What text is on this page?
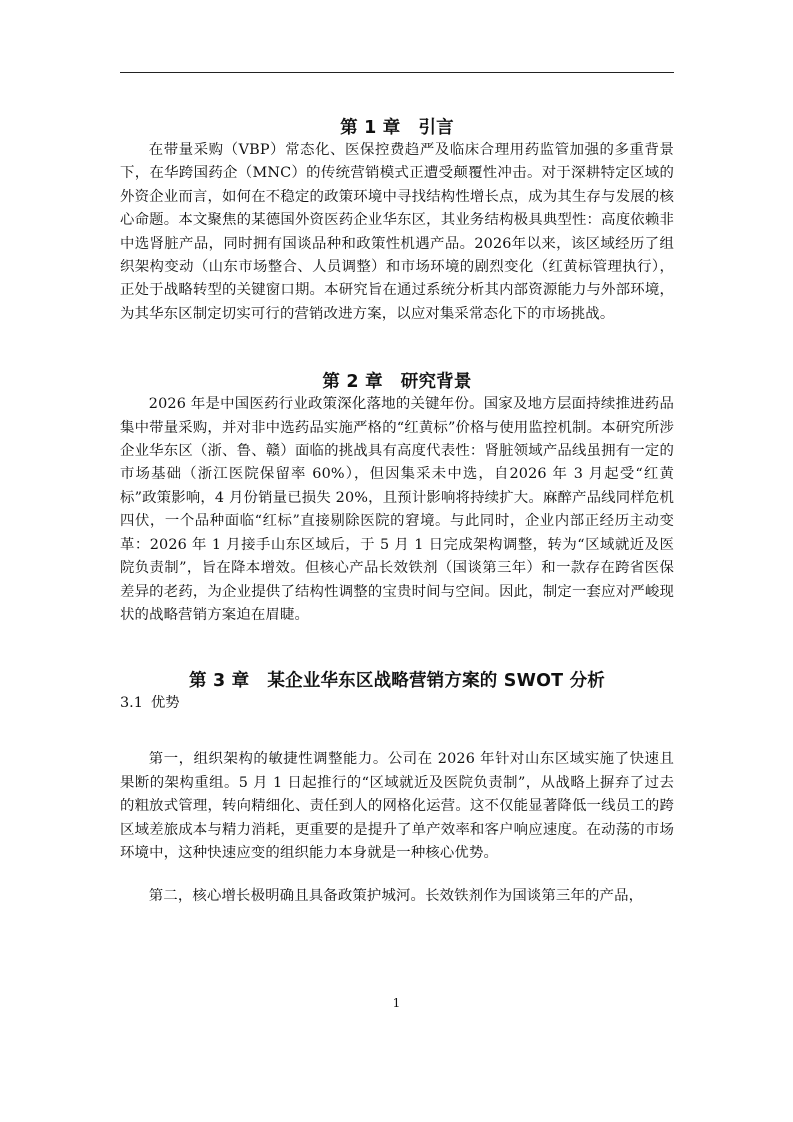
第 1 章 引言

在带量采购（VBP）常态化、医保控费趋严及临床合理用药监管加强的多重背景下，在华跨国药企（MNC）的传统营销模式正遭受颠覆性冲击。对于深耕特定区域的外资企业而言，如何在不稳定的政策环境中寻找结构性增长点，成为其生存与发展的核心命题。本文聚焦的某德国外资医药企业华东区，其业务结构极具典型性：高度依赖非中选肾脏产品，同时拥有国谈品种和政策性机遇产品。2026年以来，该区域经历了组织架构变动（山东市场整合、人员调整）和市场环境的剧烈变化（红黄标管理执行），正处于战略转型的关键窗口期。本研究旨在通过系统分析其内部资源能力与外部环境，为其华东区制定切实可行的营销改进方案，以应对集采常态化下的市场挑战。

第 2 章 研究背景

2026 年是中国医药行业政策深化落地的关键年份。国家及地方层面持续推进药品集中带量采购，并对非中选药品实施严格的“红黄标”价格与使用监控机制。本研究所涉企业华东区（浙、鲁、赣）面临的挑战具有高度代表性：肾脏领域产品线虽拥有一定的市场基础（浙江医院保留率 60%），但因集采未中选，自2026 年 3 月起受“红黄标”政策影响，4 月份销量已损失 20%，且预计影响将持续扩大。麻醉产品线同样危机四伏，一个品种面临“红标”直接剔除医院的窘境。与此同时，企业内部正经历主动变革：2026 年 1 月接手山东区域后，于 5 月 1 日完成架构调整，转为“区域就近及医院负责制”，旨在降本增效。但核心产品长效铁剂（国谈第三年）和一款存在跨省医保差异的老药，为企业提供了结构性调整的宝贵时间与空间。因此，制定一套应对严峻现状的战略营销方案迫在眉睫。

第 3 章 某企业华东区战略营销方案的 SWOT 分析
3.1 优势

第一，组织架构的敏捷性调整能力。公司在 2026 年针对山东区域实施了快速且果断的架构重组。5 月 1 日起推行的“区域就近及医院负责制”，从战略上摒弃了过去的粗放式管理，转向精细化、责任到人的网格化运营。这不仅能显著降低一线员工的跨区域差旅成本与精力消耗，更重要的是提升了单产效率和客户响应速度。在动荡的市场环境中，这种快速应变的组织能力本身就是一种核心优势。

第二，核心增长极明确且具备政策护城河。长效铁剂作为国谈第三年的产品，

1
